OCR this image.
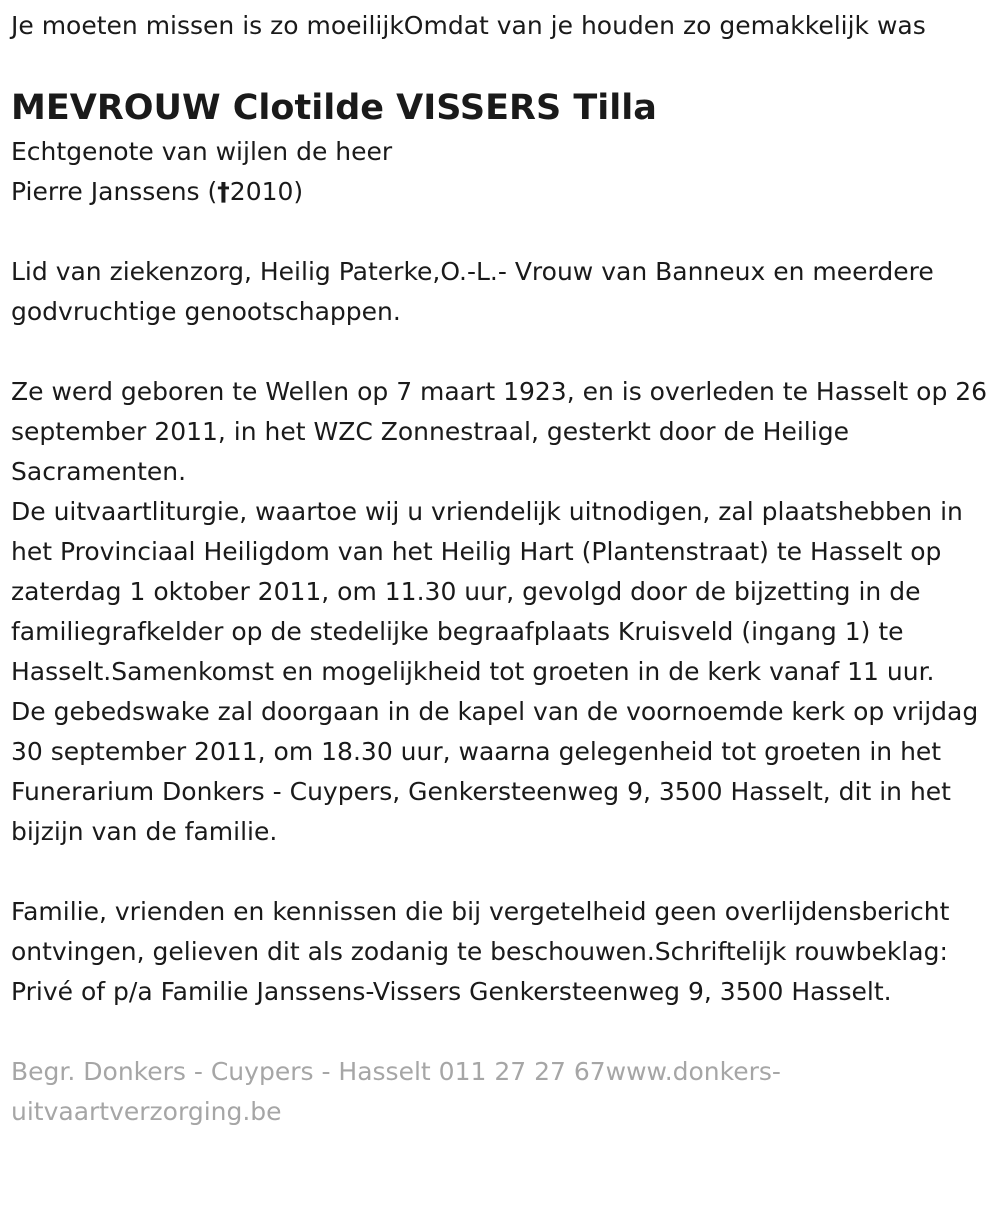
Je moeten missen is zo moeilijkOmdat van je houden zo gemakkelijk was

MEVROUW Clotilde VISSERS Tilla

Echtgenote van wijlen de heer

Pierre Janssens (†2010)

Lid van ziekenzorg, Heilig Paterke,O.-L.- Vrouw van Banneux en meerdere godvruchtige genootschappen.

Ze werd geboren te Wellen op 7 maart 1923, en is overleden te Hasselt op 26 september 2011, in het WZC Zonnestraal, gesterkt door de Heilige Sacramenten.

De uitvaartliturgie, waartoe wij u vriendelijk uitnodigen, zal plaatshebben in het Provinciaal Heiligdom van het Heilig Hart (Plantenstraat) te Hasselt op zaterdag 1 oktober 2011, om 11.30 uur, gevolgd door de bijzetting in de familiegrafkelder op de stedelijke begraafplaats Kruisveld (ingang 1) te Hasselt.Samenkomst en mogelijkheid tot groeten in de kerk vanaf 11 uur.

De gebedswake zal doorgaan in de kapel van de voornoemde kerk op vrijdag 30 september 2011, om 18.30 uur, waarna gelegenheid tot groeten in het Funerarium Donkers - Cuypers, Genkersteenweg 9, 3500 Hasselt, dit in het bijzijn van de familie.

Familie, vrienden en kennissen die bij vergetelheid geen overlijdensbericht ontvingen, gelieven dit als zodanig te beschouwen.Schriftelijk rouwbeklag: Privé of p/a Familie Janssens-Vissers Genkersteenweg 9, 3500 Hasselt.

Begr. Donkers - Cuypers - Hasselt 011 27 27 67www.donkers-uitvaartverzorging.be
